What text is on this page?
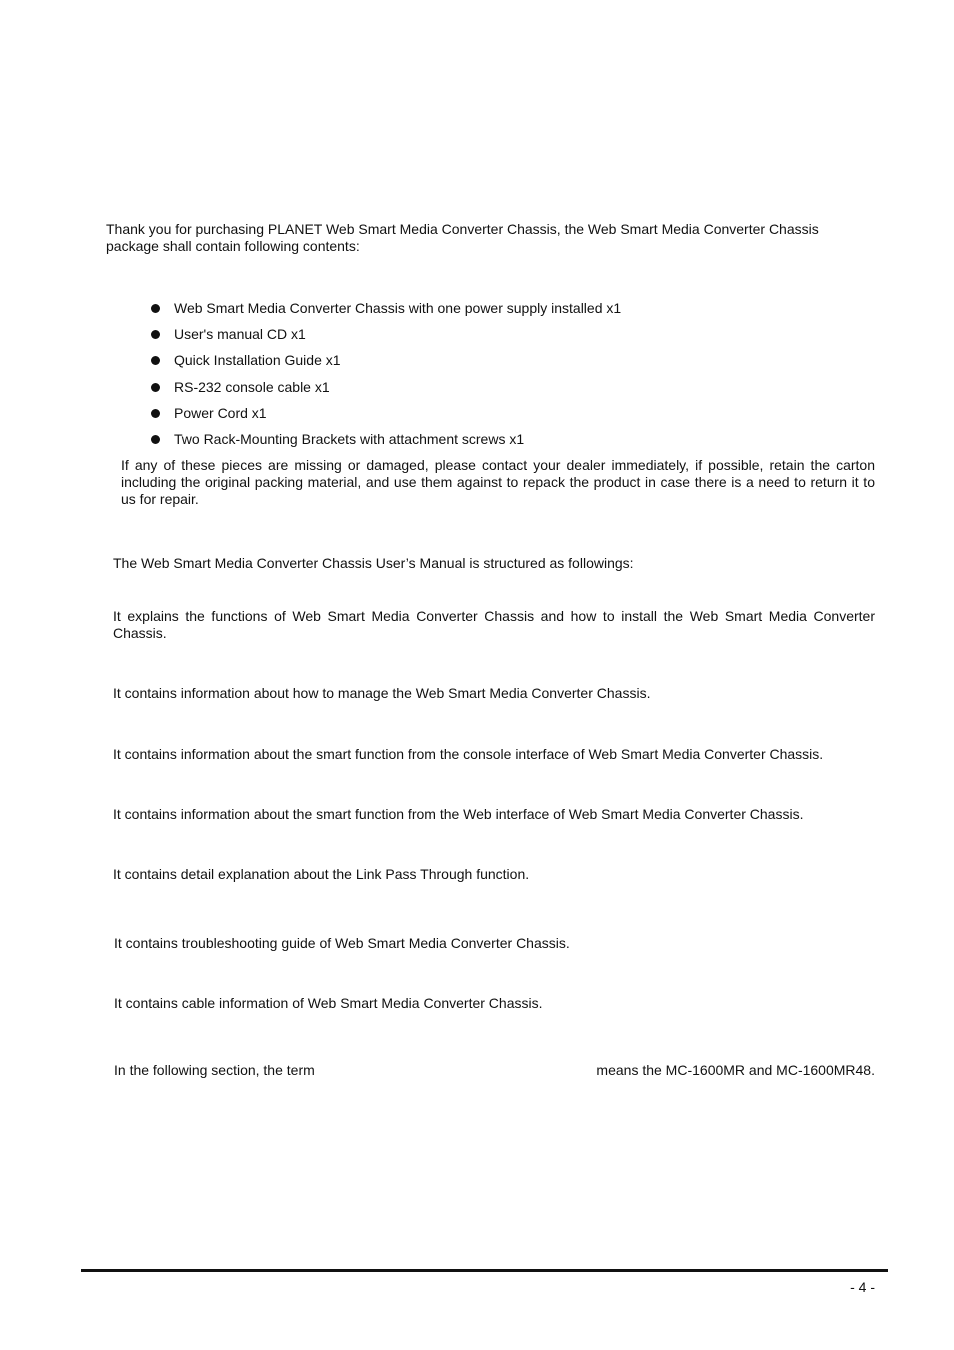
Thank you for purchasing PLANET Web Smart Media Converter Chassis, the Web Smart Media Converter Chassis package shall contain following contents:

Web Smart Media Converter Chassis with one power supply installed x1
User's manual CD x1
Quick Installation Guide x1
RS-232 console cable x1
Power Cord x1
Two Rack-Mounting Brackets with attachment screws x1

If any of these pieces are missing or damaged, please contact your dealer immediately, if possible, retain the carton including the original packing material, and use them against to repack the product in case there is a need to return it to us for repair.

The Web Smart Media Converter Chassis User’s Manual is structured as followings:

It explains the functions of Web Smart Media Converter Chassis and how to install the Web Smart Media Converter Chassis.

It contains information about how to manage the Web Smart Media Converter Chassis.

It contains information about the smart function from the console interface of Web Smart Media Converter Chassis.

It contains information about the smart function from the Web interface of Web Smart Media Converter Chassis.

It contains detail explanation about the Link Pass Through function.

It contains troubleshooting guide of Web Smart Media Converter Chassis.

It contains cable information of Web Smart Media Converter Chassis.

In the following section, the term	means the MC-1600MR and MC-1600MR48.
- 4 -
